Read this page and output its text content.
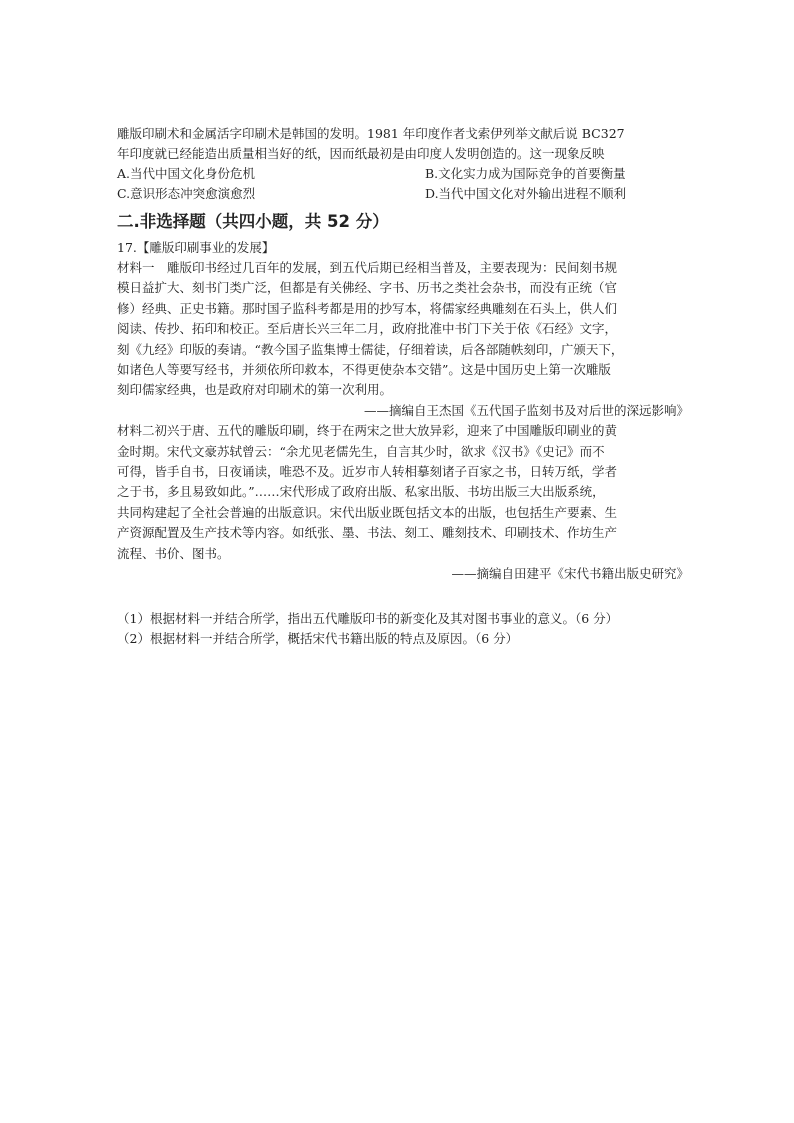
雕版印刷术和金属活字印刷术是韩国的发明。1981 年印度作者戈索伊列举文献后说 BC327
年印度就已经能造出质量相当好的纸，因而纸最初是由印度人发明创造的。这一现象反映
A.当代中国文化身份危机	B.文化实力成为国际竞争的首要衡量
C.意识形态冲突愈演愈烈	D.当代中国文化对外输出进程不顺利
二.非选择题（共四小题，共 52 分）
17.【雕版印刷事业的发展】
材料一　雕版印书经过几百年的发展，到五代后期已经相当普及，主要表现为：民间刻书规
模日益扩大、刻书门类广泛，但都是有关佛经、字书、历书之类社会杂书，而没有正统（官
修）经典、正史书籍。那时国子监科考都是用的抄写本，将儒家经典雕刻在石头上，供人们
阅读、传抄、拓印和校正。至后唐长兴三年二月，政府批准中书门下关于依《石经》文字，
刻《九经》印版的奏请。“教今国子监集博士儒徒，仔细着读，后各部随帙刻印，广颁天下，
如诸色人等要写经书，并须依所印救本，不得更使杂本交错”。这是中国历史上第一次雕版
刻印儒家经典，也是政府对印刷术的第一次利用。
——摘编自王杰国《五代国子监刻书及对后世的深远影响》
材料二初兴于唐、五代的雕版印刷，终于在两宋之世大放异彩，迎来了中国雕版印刷业的黄
金时期。宋代文豪苏轼曾云：“余尤见老儒先生，自言其少时，欲求《汉书》《史记》而不
可得，皆手自书，日夜诵读，唯恐不及。近岁市人转相摹刻诸子百家之书，日转万纸，学者
之于书，多且易致如此。”……宋代形成了政府出版、私家出版、书坊出版三大出版系统，
共同构建起了全社会普遍的出版意识。宋代出版业既包括文本的出版，也包括生产要素、生
产资源配置及生产技术等内容。如纸张、墨、书法、刻工、雕刻技术、印刷技术、作坊生产
流程、书价、图书。
——摘编自田建平《宋代书籍出版史研究》
（1）根据材料一并结合所学，指出五代雕版印书的新变化及其对图书事业的意义。（6 分）
（2）根据材料一并结合所学，概括宋代书籍出版的特点及原因。（6 分）
